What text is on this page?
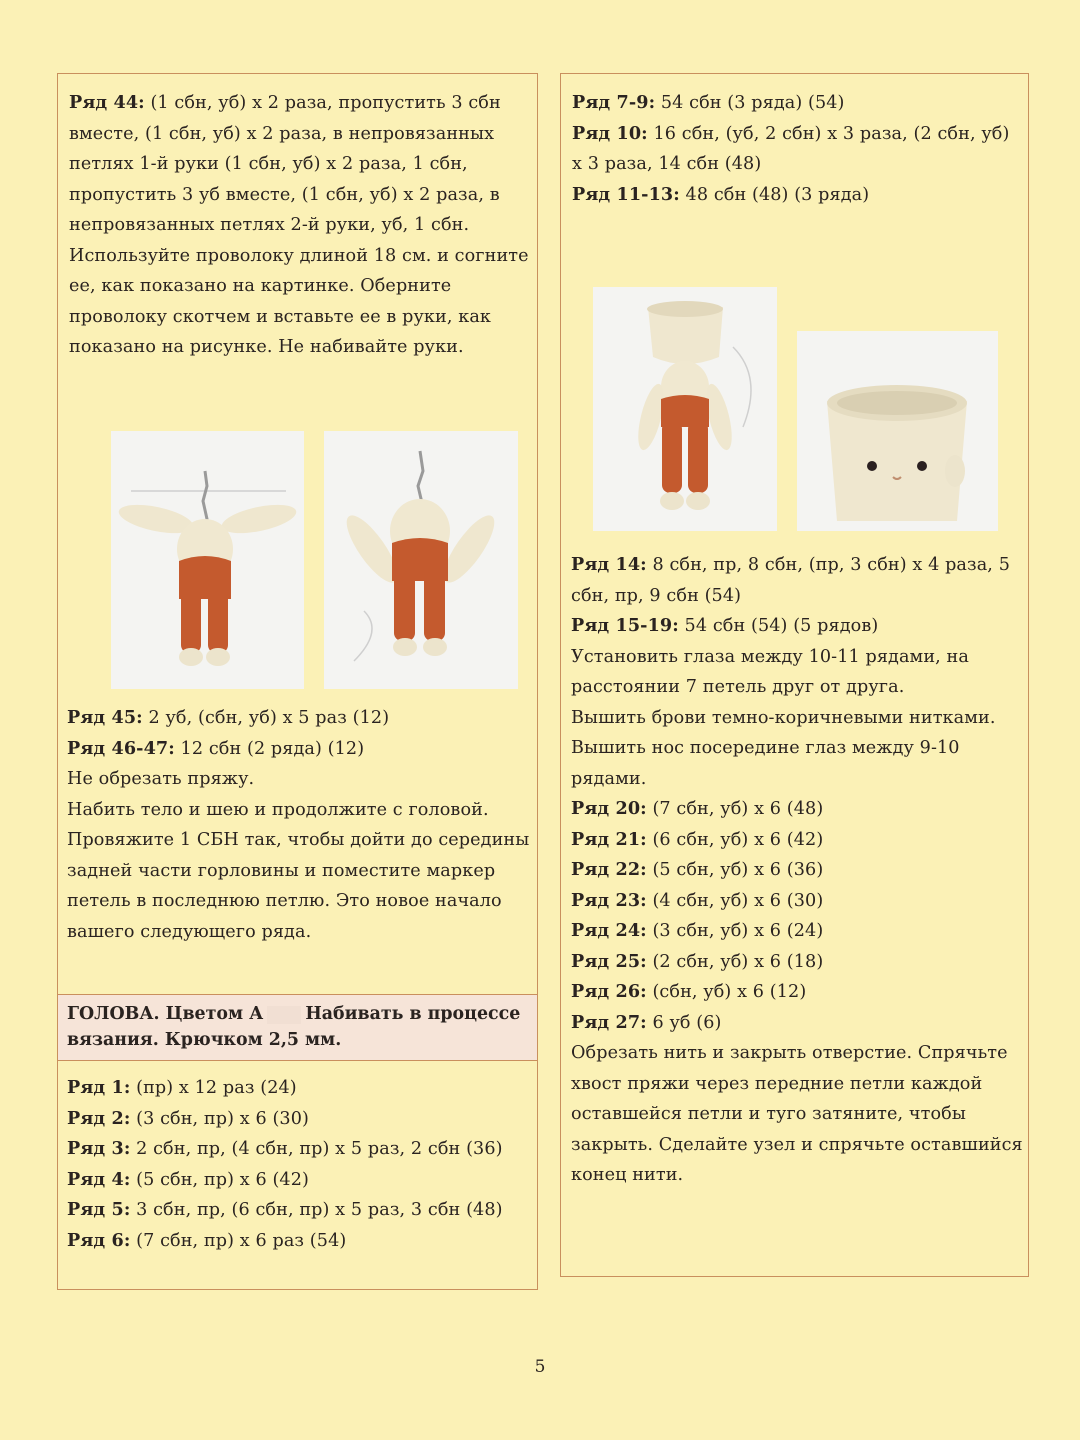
Ряд 44: (1 сбн, уб) х 2 раза, пропустить 3 сбн вместе, (1 сбн, уб) х 2 раза, в непровязанных петлях 1-й руки (1 сбн, уб) х 2 раза, 1 сбн, пропустить 3 уб вместе, (1 сбн, уб) х 2 раза, в непровязанных петлях 2-й руки, уб, 1 сбн.

Используйте проволоку длиной 18 см. и согните ее, как показано на картинке. Оберните проволоку скотчем и вставьте ее в руки, как показано на рисунке. Не набивайте руки.

Ряд 45: 2 уб, (сбн, уб) х 5 раз (12)

Ряд 46-47: 12 сбн (2 ряда) (12)

Не обрезать пряжу.

Набить тело и шею и продолжите с головой. Провяжите 1 СБН так, чтобы дойти до середины задней части горловины и поместите маркер петель в последнюю петлю. Это новое начало вашего следующего ряда.

ГОЛОВА. Цветом А Набивать в процессе
вязания. Крючком 2,5 мм.

Ряд 1: (пр) х 12 раз (24)

Ряд 2: (3 сбн, пр) х 6 (30)

Ряд 3: 2 сбн, пр, (4 сбн, пр) х 5 раз, 2 сбн (36)

Ряд 4: (5 сбн, пр) х 6 (42)

Ряд 5: 3 сбн, пр, (6 сбн, пр) х 5 раз, 3 сбн (48)

Ряд 6: (7 сбн, пр) х 6 раз (54)

Ряд 7-9: 54 сбн (3 ряда) (54)

Ряд 10: 16 сбн, (уб, 2 сбн) х 3 раза, (2 сбн, уб) х 3 раза, 14 сбн (48)

Ряд 11-13: 48 сбн (48) (3 ряда)

Ряд 14: 8 сбн, пр, 8 сбн, (пр, 3 сбн) х 4 раза, 5 сбн, пр, 9 сбн (54)

Ряд 15-19: 54 сбн (54) (5 рядов)

Установить глаза между 10-11 рядами, на расстоянии 7 петель друг от друга.

Вышить брови темно-коричневыми нитками.

Вышить нос посередине глаз между 9-10 рядами.

Ряд 20: (7 сбн, уб) х 6 (48)

Ряд 21: (6 сбн, уб) х 6 (42)

Ряд 22: (5 сбн, уб) х 6 (36)

Ряд 23: (4 сбн, уб) х 6 (30)

Ряд 24: (3 сбн, уб) х 6 (24)

Ряд 25: (2 сбн, уб) х 6 (18)

Ряд 26: (сбн, уб) х 6 (12)

Ряд 27: 6 уб (6)

Обрезать нить и закрыть отверстие. Спрячьте хвост пряжи через передние петли каждой оставшейся петли и туго затяните, чтобы закрыть. Сделайте узел и спрячьте оставшийся конец нити.

5
